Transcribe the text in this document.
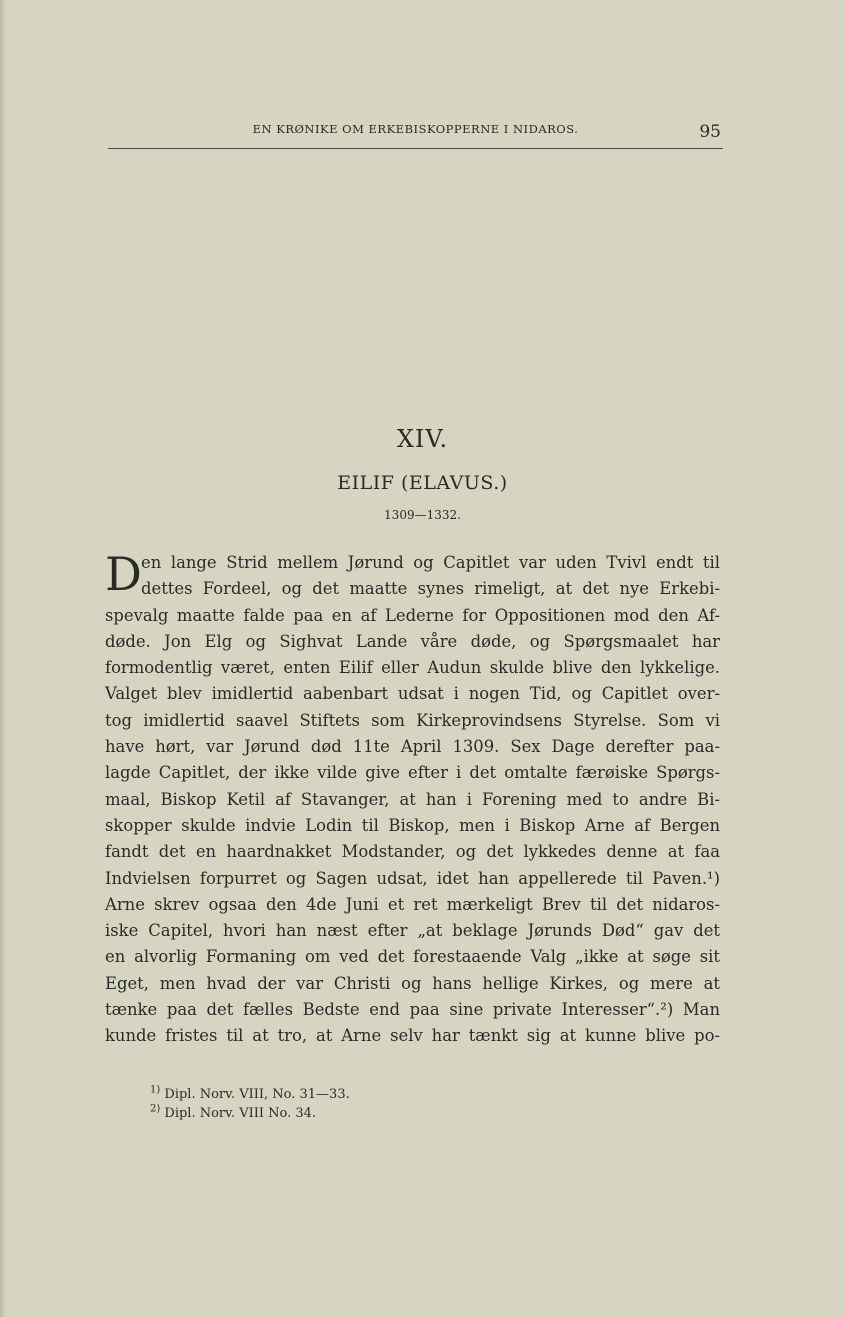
EN KRØNIKE OM ERKEBISKOPPERNE I NIDAROS.	95
XIV.
EILIF (ELAVUS.)
1309—1332.
D en lange Strid mellem Jørund og Capitlet var uden Tvivl endt til
dettes Fordeel, og det maatte synes rimeligt, at det nye Erkebi-
spevalg maatte falde paa en af Lederne for Oppositionen mod den Af-
døde. Jon Elg og Sighvat Lande våre døde, og Spørgsmaalet har
formodentlig været, enten Eilif eller Audun skulde blive den lykkelige.
Valget blev imidlertid aabenbart udsat i nogen Tid, og Capitlet over-
tog imidlertid saavel Stiftets som Kirkeprovindsens Styrelse. Som vi
have hørt, var Jørund død 11te April 1309. Sex Dage derefter paa-
lagde Capitlet, der ikke vilde give efter i det omtalte færøiske Spørgs-
maal, Biskop Ketil af Stavanger, at han i Forening med to andre Bi-
skopper skulde indvie Lodin til Biskop, men i Biskop Arne af Bergen
fandt det en haardnakket Modstander, og det lykkedes denne at faa
Indvielsen forpurret og Sagen udsat, idet han appellerede til Paven.¹)
Arne skrev ogsaa den 4de Juni et ret mærkeligt Brev til det nidaros-
iske Capitel, hvori han næst efter „at beklage Jørunds Død“ gav det
en alvorlig Formaning om ved det forestaaende Valg „ikke at søge sit
Eget, men hvad der var Christi og hans hellige Kirkes, og mere at
tænke paa det fælles Bedste end paa sine private Interesser“.²) Man
kunde fristes til at tro, at Arne selv har tænkt sig at kunne blive po-
$^{1)}$ Dipl. Norv. VIII, No. 31—33.
$^{2)}$ Dipl. Norv. VIII No. 34.
